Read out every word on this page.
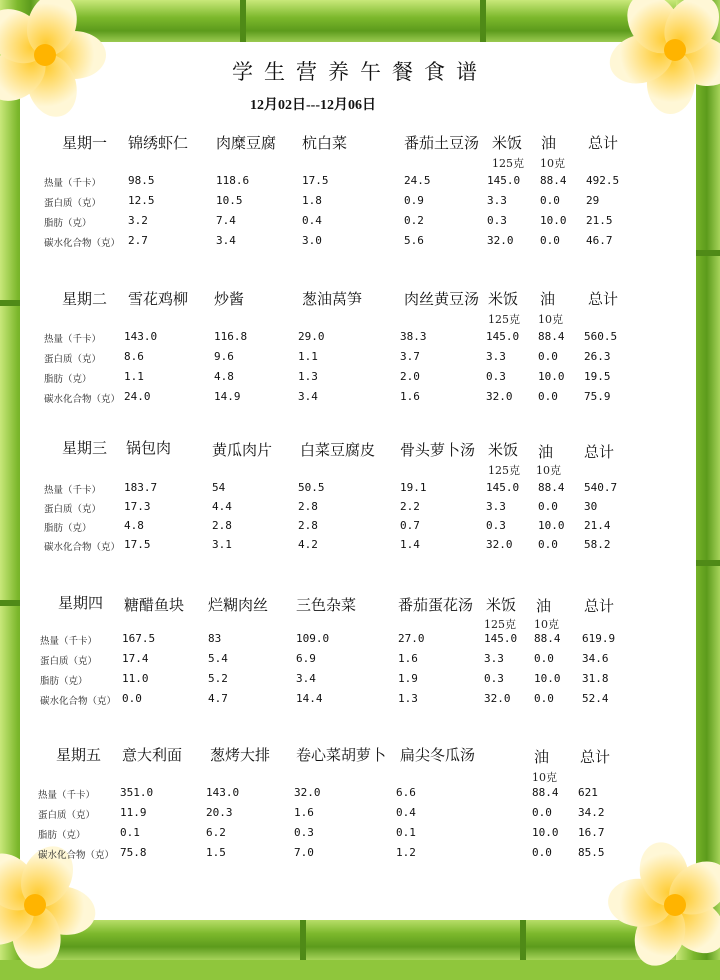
学生营养午餐食谱
12月02日---12月06日
星期一 锦绣虾仁 肉糜豆腐 杭白菜	番茄土豆汤 米饭 油 总计
125克 10克
热量（千卡） 98.5	118.6	17.5	24.5	145.0 88.4 492.5
蛋白质（克） 12.5	10.5	1.8	0.9	3.3	0.0 29
脂肪（克）	3.2	7.4	0.4	0.2	0.3	10.0 21.5
碳水化合物（克） 2.7	3.4	3.0	5.6	32.0 0.0 46.7
星期二 雪花鸡柳 炒酱	葱油莴笋	肉丝黄豆汤 米饭 油 总计
125克 10克
热量（千卡） 143.0	116.8	29.0	38.3	145.0 88.4 560.5
蛋白质（克） 8.6	9.6	1.1	3.7	3.3	0.0 26.3
脂肪（克）	1.1	4.8	1.3	2.0	0.3	10.0 19.5
碳水化合物（克） 24.0	14.9	3.4	1.6	32.0 0.0 75.9
星期三 锅包肉	黄瓜肉片 白菜豆腐皮 骨头萝卜汤 米饭 油 总计
125克 10克
热量（千卡） 183.7	54	50.5	19.1	145.0 88.4 540.7
蛋白质（克） 17.3	4.4	2.8	2.2	3.3	0.0 30
脂肪（克）	4.8	2.8	2.8	0.7	0.3	10.0 21.4
碳水化合物（克） 17.5	3.1	4.2	1.4	32.0 0.0 58.2
星期四 糖醋鱼块 烂糊肉丝 三色杂菜	番茄蛋花汤 米饭 油 总计
125克 10克
热量（千卡） 167.5	83	109.0	27.0	145.0 88.4 619.9
蛋白质（克） 17.4	5.4	6.9	1.6	3.3	0.0	34.6
脂肪（克）	11.0	5.2	3.4	1.9	0.3	10.0 31.8
碳水化合物（克） 0.0	4.7	14.4	1.3	32.0 0.0	52.4
星期五 意大利面 葱烤大排 卷心菜胡萝卜 扁尖冬瓜汤	油 总计
10克
热量（千卡） 351.0	143.0	32.0	6.6	88.4 621
蛋白质（克） 11.9	20.3	1.6	0.4	0.0 34.2
脂肪（克）	0.1	6.2	0.3	0.1	10.0 16.7
碳水化合物（克） 75.8	1.5	7.0	1.2	0.0 85.5
